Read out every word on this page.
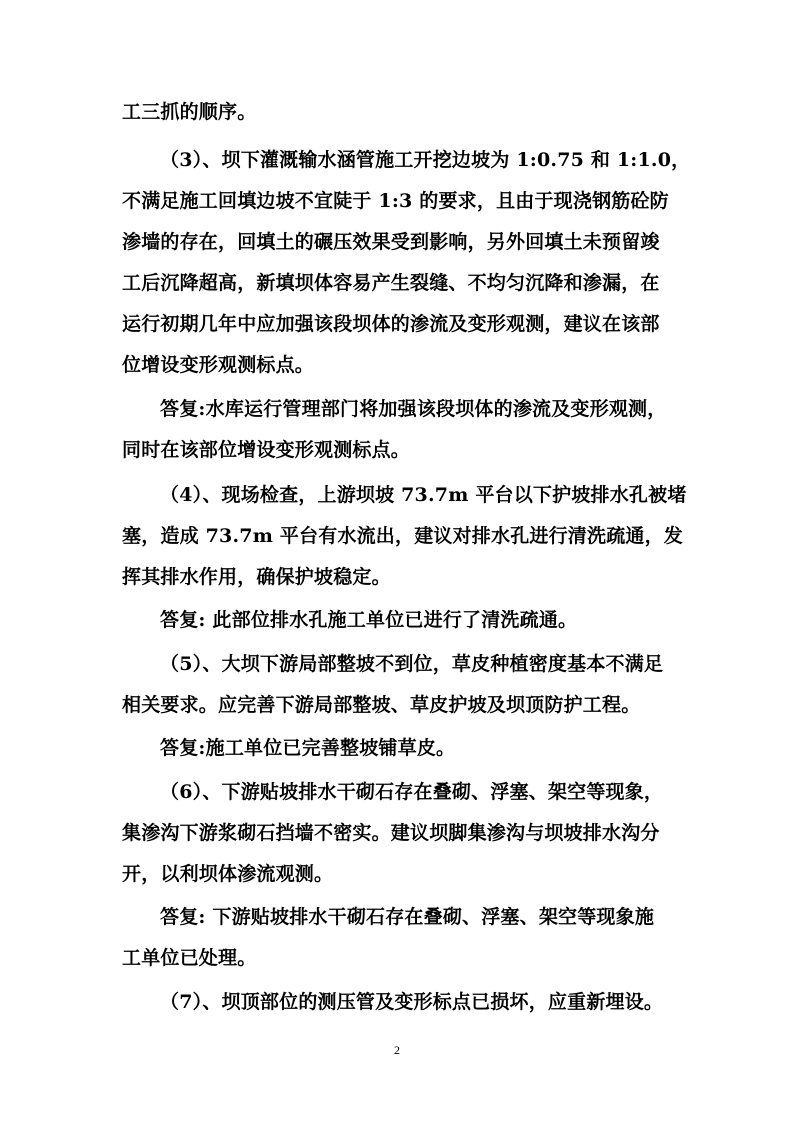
工三抓的顺序。
（3）、坝下灌溉输水涵管施工开挖边坡为 1:0.75 和 1:1.0，
不满足施工回填边坡不宜陡于 1:3 的要求，且由于现浇钢筋砼防
渗墙的存在，回填土的碾压效果受到影响，另外回填土未预留竣
工后沉降超高，新填坝体容易产生裂缝、不均匀沉降和渗漏，在
运行初期几年中应加强该段坝体的渗流及变形观测，建议在该部
位增设变形观测标点。
答复:水库运行管理部门将加强该段坝体的渗流及变形观测，
同时在该部位增设变形观测标点。
（4）、现场检查，上游坝坡 73.7m 平台以下护坡排水孔被堵
塞，造成 73.7m 平台有水流出，建议对排水孔进行清洗疏通，发
挥其排水作用，确保护坡稳定。
答复: 此部位排水孔施工单位已进行了清洗疏通。
（5）、大坝下游局部整坡不到位，草皮种植密度基本不满足
相关要求。应完善下游局部整坡、草皮护坡及坝顶防护工程。
答复:施工单位已完善整坡铺草皮。
（6）、下游贴坡排水干砌石存在叠砌、浮塞、架空等现象，
集渗沟下游浆砌石挡墙不密实。建议坝脚集渗沟与坝坡排水沟分
开，以利坝体渗流观测。
答复: 下游贴坡排水干砌石存在叠砌、浮塞、架空等现象施
工单位已处理。
（7）、坝顶部位的测压管及变形标点已损坏，应重新埋设。
2
